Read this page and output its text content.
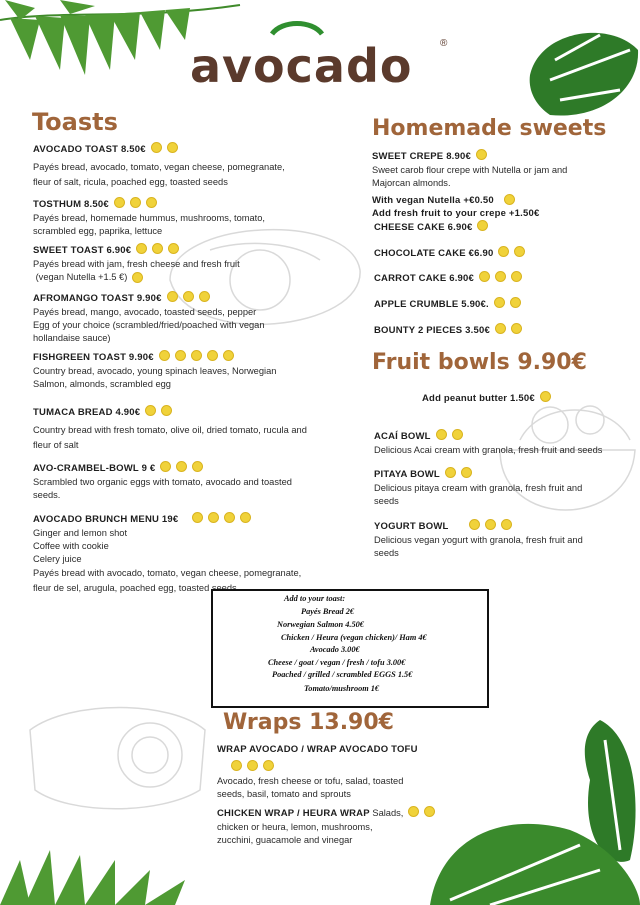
avocado	®
Toasts
AVOCADO TOAST 8.50€
Payés bread, avocado, tomato, vegan cheese, pomegranate,
fleur of salt, ricula, poached egg, toasted seeds
TOSTHUM 8.50€
Payés bread, homemade hummus, mushrooms, tomato,
scrambled egg, paprika, lettuce
SWEET TOAST 6.90€
Payés bread with jam, fresh cheese and fresh fruit
(vegan Nutella +1.5 €)
AFROMANGO TOAST 9.90€
Payés bread, mango, avocado, toasted seeds, pepper
Egg of your choice (scrambled/fried/poached with vegan
hollandaise sauce)
FISHGREEN TOAST 9.90€
Country bread, avocado, young spinach leaves, Norwegian
Salmon, almonds, scrambled egg
TUMACA BREAD 4.90€
Country bread with fresh tomato, olive oil, dried tomato, rucula and
fleur of salt
AVO-CRAMBEL-BOWL 9 €
Scrambled two organic eggs with tomato, avocado and toasted
seeds.
AVOCADO BRUNCH MENU 19€
Ginger and lemon shot
Coffee with cookie
Celery juice
Payés bread with avocado, tomato, vegan cheese, pomegranate,
fleur de sel, arugula, poached egg, toasted seeds
Homemade sweets
SWEET CREPE 8.90€
Sweet carob flour crepe with Nutella or jam and
Majorcan almonds.
With vegan Nutella +€0.50
Add fresh fruit to your crepe +1.50€
CHEESE CAKE 6.90€
CHOCOLATE CAKE €6.90
CARROT CAKE 6.90€
APPLE CRUMBLE 5.90€.
BOUNTY 2 PIECES 3.50€
Fruit bowls 9.90€
Add peanut butter 1.50€
ACAÍ BOWL
Delicious Acai cream with granola, fresh fruit and seeds
PITAYA BOWL
Delicious pitaya cream with granola, fresh fruit and
seeds
YOGURT BOWL
Delicious vegan yogurt with granola, fresh fruit and
seeds
Add to your toast:
Payés Bread 2€
Norwegian Salmon 4.50€
Chicken / Heura (vegan chicken)/ Ham 4€
Avocado 3.00€
Cheese / goat / vegan / fresh / tofu 3.00€
Poached / grilled / scrambled EGGS 1.5€
Tomato/mushroom 1€
Wraps 13.90€
WRAP AVOCADO / WRAP AVOCADO TOFU
Avocado, fresh cheese or tofu, salad, toasted
seeds, basil, tomato and sprouts
CHICKEN WRAP / HEURA WRAP Salads,
chicken or heura, lemon, mushrooms,
zucchini, guacamole and vinegar
